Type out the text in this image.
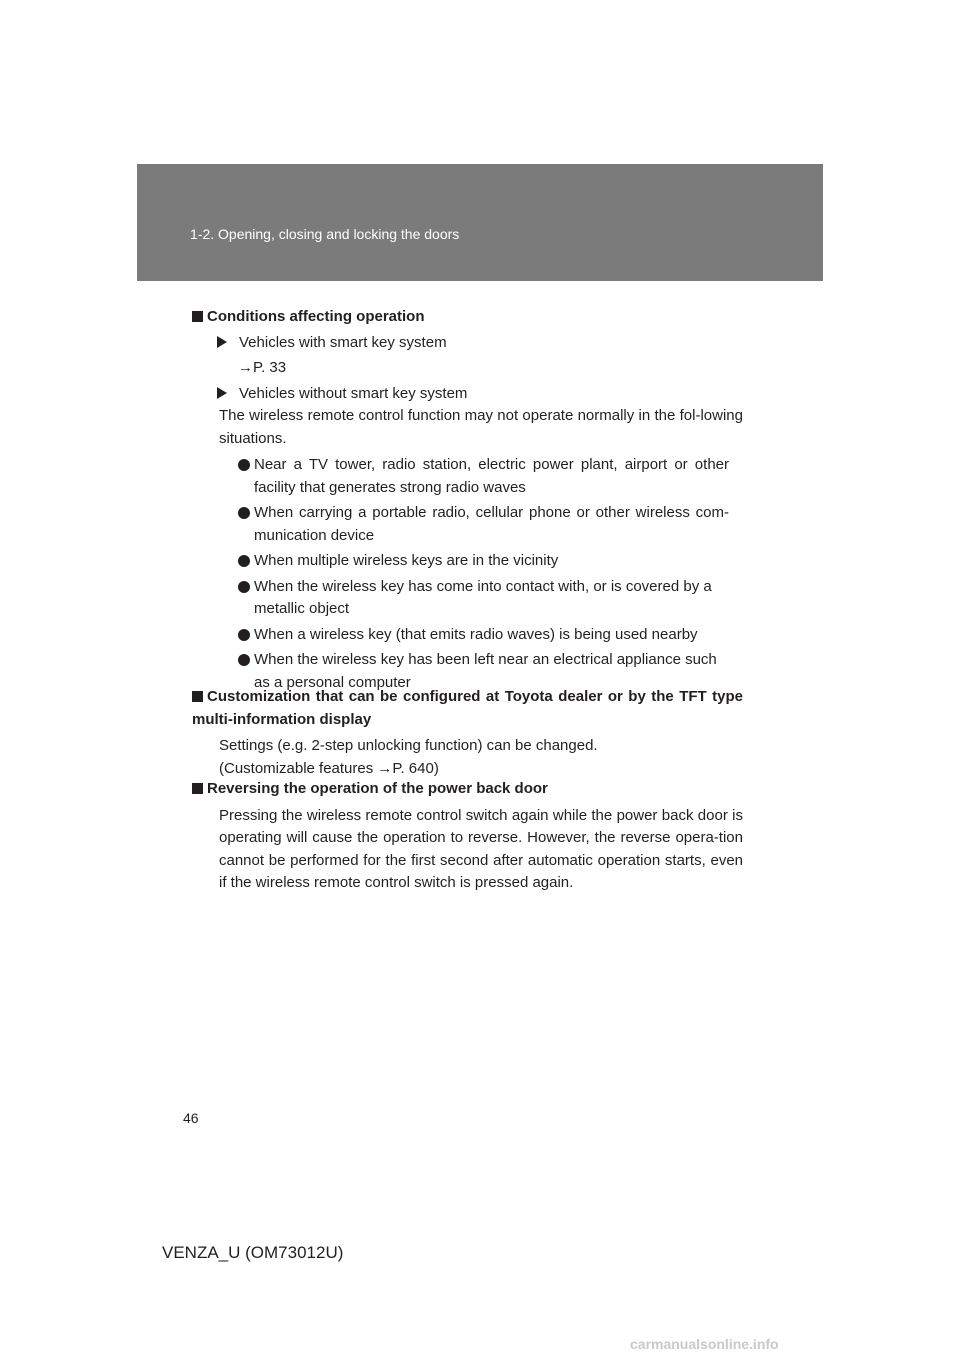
1-2. Opening, closing and locking the doors
Conditions affecting operation
Vehicles with smart key system
→P. 33
Vehicles without smart key system
The wireless remote control function may not operate normally in the fol-lowing situations.
Near a TV tower, radio station, electric power plant, airport or other facility that generates strong radio waves
When carrying a portable radio, cellular phone or other wireless com-munication device
When multiple wireless keys are in the vicinity
When the wireless key has come into contact with, or is covered by a metallic object
When a wireless key (that emits radio waves) is being used nearby
When the wireless key has been left near an electrical appliance such as a personal computer
Customization that can be configured at Toyota dealer or by the TFT type multi-information display
Settings (e.g. 2-step unlocking function) can be changed.
(Customizable features →P. 640)
Reversing the operation of the power back door
Pressing the wireless remote control switch again while the power back door is operating will cause the operation to reverse. However, the reverse opera-tion cannot be performed for the first second after automatic operation starts, even if the wireless remote control switch is pressed again.
46
VENZA_U (OM73012U)
carmanualsonline.info
